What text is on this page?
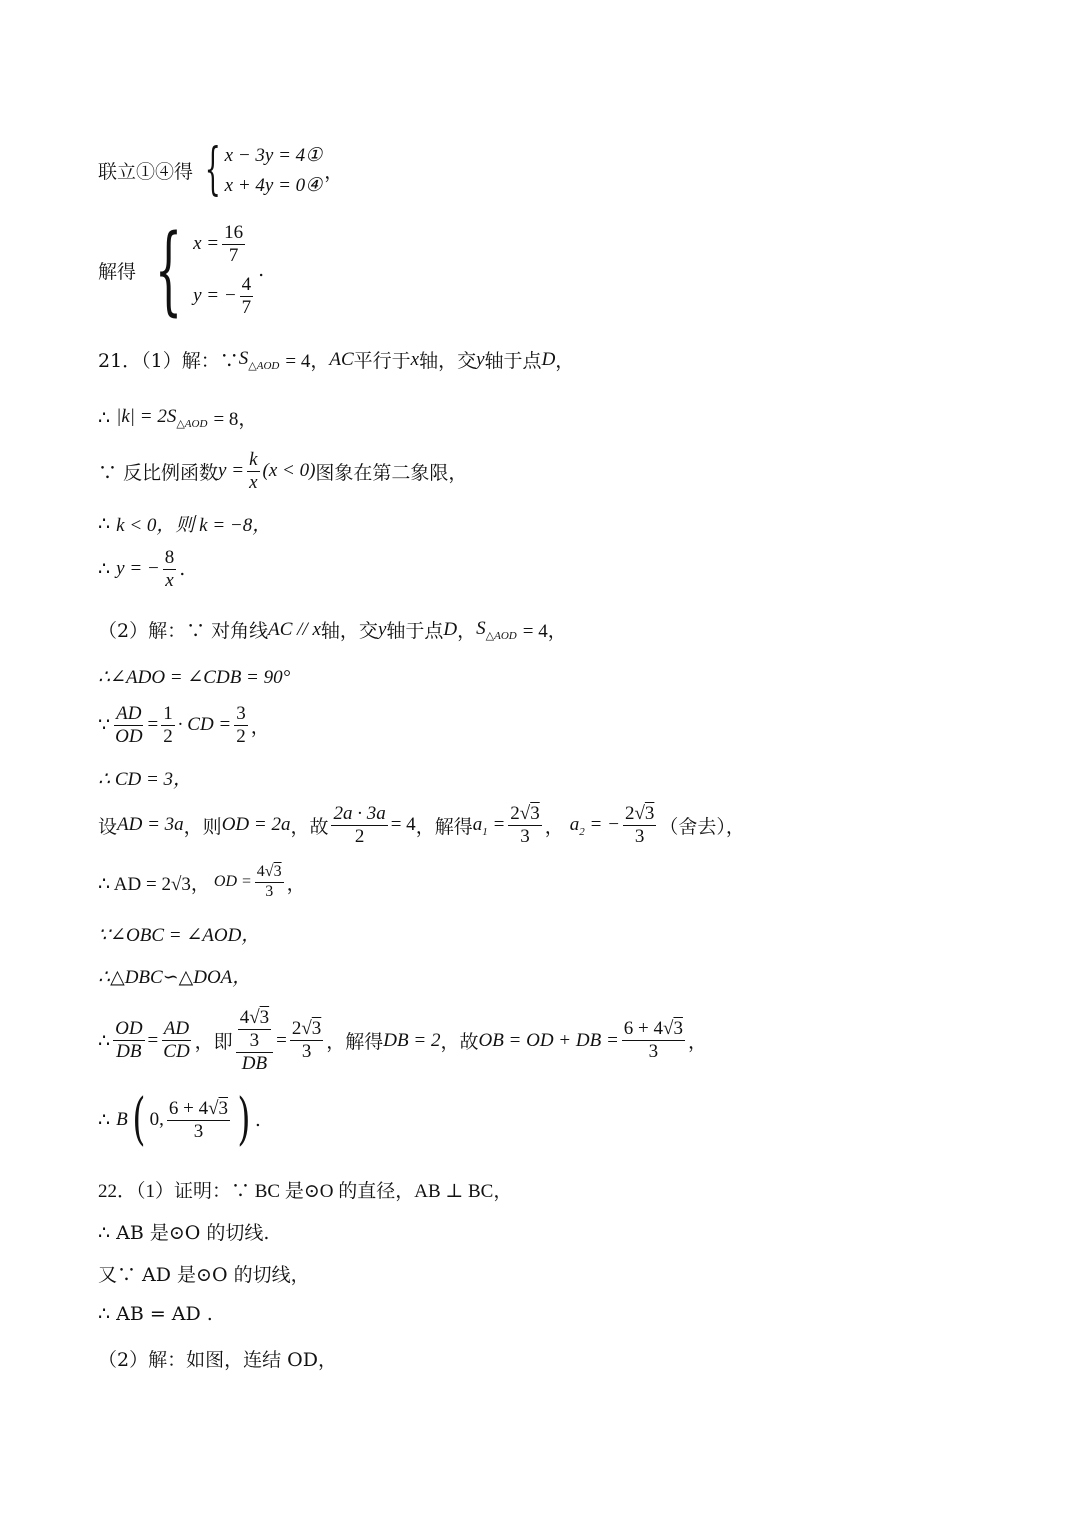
联立①④得 { x − 3y = 4①
x + 4y = 0④
，
解得 { $x = \frac{16}{7}$
y = − $\frac{4}{7}$
.
21．（1）解：∵ $S_{\triangle AOD}$
= 4， AC 平行于 x 轴，交 y 轴于点 D ，
∴
$|k| = 2S_{\triangle AOD}$
= 8，
∵ 反比例函数 $y = \frac{k}{x} (x < 0)$ 图象在第二象限，
∴
k < 0，则 k = −8，
∴
y = − $\frac{8}{x}$ .
（2）解：∵ 对角线 AC // x 轴，交 y 轴于点 D ， $S_{\triangle AOD}$
= 4，
∴∠ADO = ∠CDB = 90°
∵ $\frac{AD}{OD} = \frac{1}{2}$ · CD = $\frac{3}{2}$ ，
∴ CD = 3，
设 AD = 3a ，则 OD = 2a ，故 $\frac{2a \cdot 3a}{2} = 4$ ，解得 $a_1 = \frac{2√3}{3}$ ，
$a_2$ = − $\frac{2√3}{3}$ （舍去），
∴ AD = 2√3， OD = $\frac{4√3}{3}$ ，
∵∠OBC = ∠AOD，
∴△DBC∽△DOA，
∴ $\frac{OD}{DB} = \frac{AD}{CD}$ ，即 $\frac{\frac{4√3}{3}}{DB} = \frac{2√3}{3}$ ，解得 DB = 2 ，故 OB = OD + DB = $\frac{6 + 4√3}{3}$ ，
∴
B ( 0, $\frac{6 + 4√3}{3}$ ) .
22．（1）证明：∵ BC 是⊙O 的直径，AB ⊥ BC，
∴ AB 是⊙O 的切线.
又∵ AD 是⊙O 的切线，
∴ AB = AD .
（2）解：如图，连结 OD，
